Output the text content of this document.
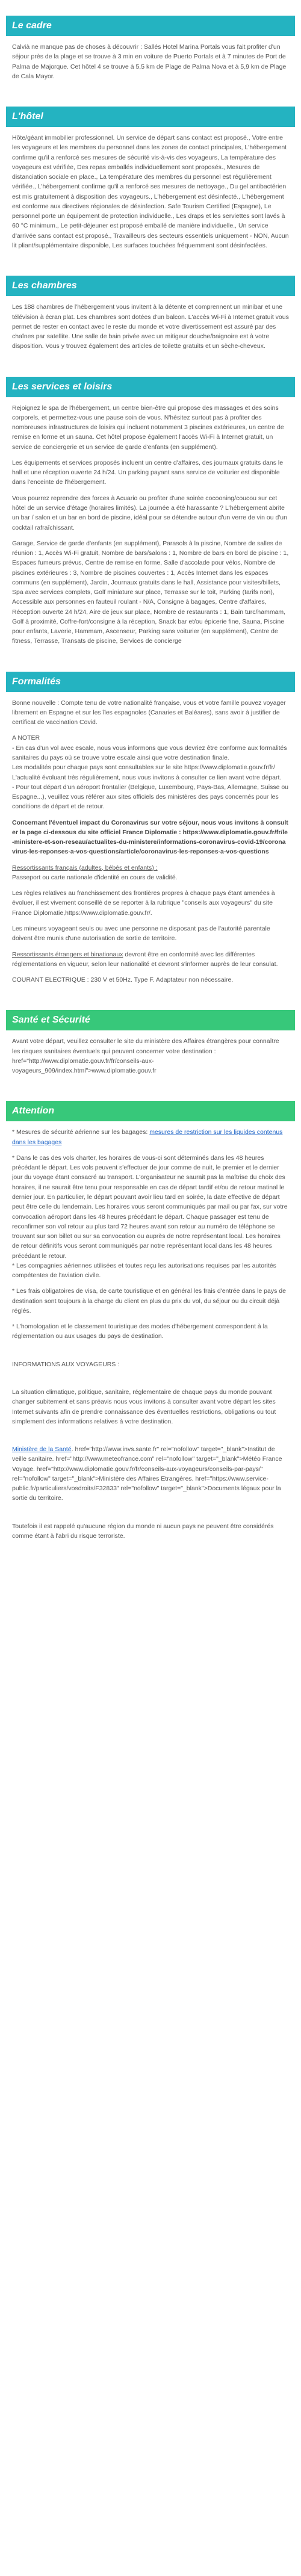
Le cadre

Calvià ne manque pas de choses à découvrir : Sallés Hotel Marina Portals vous fait profiter d'un séjour près de la plage et se trouve à 3 min en voiture de Puerto Portals et à 7 minutes de Port de Palma de Majorque. Cet hôtel 4 se trouve à 5,5 km de Plage de Palma Nova et à 5,9 km de Plage de Cala Mayor.

L'hôtel

Hôte/géant immobilier professionnel. Un service de départ sans contact est proposé., Votre entre les voyageurs et les membres du personnel dans les zones de contact principales, L'hébergement confirme qu'il a renforcé ses mesures de sécurité vis-à-vis des voyageurs, La température des voyageurs est vérifiée, Des repas emballés individuellement sont proposés., Mesures de distanciation sociale en place., La température des membres du personnel est régulièrement vérifiée., L'hébergement confirme qu'il a renforcé ses mesures de nettoyage., Du gel antibactérien est mis gratuitement à disposition des voyageurs., L'hébergement est désinfecté., L'hébergement est conforme aux directives régionales de désinfection. Safe Tourism Certified (Espagne), Le personnel porte un équipement de protection individuelle., Les draps et les serviettes sont lavés à 60 °C minimum., Le petit-déjeuner est proposé emballé de manière individuelle., Un service d'arrivée sans contact est proposé., Travailleurs des secteurs essentiels uniquement - NON, Aucun lit pliant/supplémentaire disponible, Les surfaces touchées fréquemment sont désinfectées.

Les chambres

Les 188 chambres de l'hébergement vous invitent à la détente et comprennent un minibar et une télévision à écran plat. Les chambres sont dotées d'un balcon. L'accès Wi-Fi à Internet gratuit vous permet de rester en contact avec le reste du monde et votre divertissement est assuré par des chaînes par satellite. Une salle de bain privée avec un mitigeur douche/baignoire est à votre disposition. Vous y trouvez également des articles de toilette gratuits et un sèche-cheveux.

Les services et loisirs

Rejoignez le spa de l'hébergement, un centre bien-être qui propose des massages et des soins corporels, et permettez-vous une pause soin de vous. N'hésitez surtout pas à profiter des nombreuses infrastructures de loisirs qui incluent notamment 3 piscines extérieures, un centre de remise en forme et un sauna. Cet hôtel propose également l'accès Wi-Fi à Internet gratuit, un service de conciergerie et un service de garde d'enfants (en supplément).

Les équipements et services proposés incluent un centre d'affaires, des journaux gratuits dans le hall et une réception ouverte 24 h/24. Un parking payant sans service de voiturier est disponible dans l'enceinte de l'hébergement.

Vous pourrez reprendre des forces à Acuario ou profiter d'une soirée cocooning/coucou sur cet hôtel de un service d'étage (horaires limités). La journée a été harassante ? L'hébergement abrite un bar / salon et un bar en bord de piscine, idéal pour se détendre autour d'un verre de vin ou d'un cocktail rafraîchissant.

Garage, Service de garde d'enfants (en supplément), Parasols à la piscine, Nombre de salles de réunion : 1, Accès Wi-Fi gratuit, Nombre de bars/salons : 1, Nombre de bars en bord de piscine : 1, Espaces fumeurs prévus, Centre de remise en forme, Salle d'accolade pour vélos, Nombre de piscines extérieures : 3, Nombre de piscines couvertes : 1, Accès Internet dans les espaces communs (en supplément), Jardin, Journaux gratuits dans le hall, Assistance pour visites/billets, Spa avec services complets, Golf miniature sur place, Terrasse sur le toit, Parking (tarifs non), Accessible aux personnes en fauteuil roulant - N/A, Consigne à bagages, Centre d'affaires, Réception ouverte 24 h/24, Aire de jeux sur place, Nombre de restaurants : 1, Bain turc/hammam, Golf à proximité, Coffre-fort/consigne à la réception, Snack bar et/ou épicerie fine, Sauna, Piscine pour enfants, Laverie, Hammam, Ascenseur, Parking sans voiturier (en supplément), Centre de fitness, Terrasse, Transats de piscine, Services de concierge

Formalités

Bonne nouvelle : Compte tenu de votre nationalité française, vous et votre famille pouvez voyager librement en Espagne et sur les îles espagnoles (Canaries et Baléares), sans avoir à justifier de certificat de vaccination Covid.

A NOTER
- En cas d'un vol avec escale, nous vous informons que vous devriez être conforme aux formalités sanitaires du pays où se trouve votre escale ainsi que votre destination finale.
Les modalités pour chaque pays sont consultables sur le site https://www.diplomatie.gouv.fr/fr/ L'actualité évoluant très régulièrement, nous vous invitons à consulter ce lien avant votre départ.
- Pour tout départ d'un aéroport frontalier (Belgique, Luxembourg, Pays-Bas, Allemagne, Suisse ou Espagne...), veuillez vous référer aux sites officiels des ministères des pays concernés pour les conditions de départ et de retour.

Concernant l'éventuel impact du Coronavirus sur votre séjour, nous vous invitons à consulter la page ci-dessous du site officiel France Diplomatie : https://www.diplomatie.gouv.fr/fr/le-ministere-et-son-reseau/actualites-du-ministere/informations-coronavirus-covid-19/coronavirus-les-reponses-a-vos-questions/article/coronavirus-les-reponses-a-vos-questions

Ressortissants français (adultes, bébés et enfants) :
Passeport ou carte nationale d'identité en cours de validité.

Les règles relatives au franchissement des frontières propres à chaque pays étant amenées à évoluer, il est vivement conseillé de se reporter à la rubrique "conseils aux voyageurs" du site France Diplomatie,https://www.diplomatie.gouv.fr/.

Les mineurs voyageant seuls ou avec une personne ne disposant pas de l'autorité parentale doivent être munis d'une autorisation de sortie de territoire.

Ressortissants étrangers et binationaux devront être en conformité avec les différentes réglementations en vigueur, selon leur nationalité et devront s'informer auprès de leur consulat.

COURANT ELECTRIQUE : 230 V et 50Hz. Type F. Adaptateur non nécessaire.

Santé et Sécurité

Avant votre départ, veuillez consulter le site du ministère des Affaires étrangères pour connaître les risques sanitaires éventuels qui peuvent concerner votre destination : href="http://www.diplomatie.gouv.fr/fr/conseils-aux-voyageurs_909/index.html">www.diplomatie.gouv.fr

Attention

* Mesures de sécurité aérienne sur les bagages: mesures de restriction sur les liquides contenus dans les bagages

* Dans le cas des vols charter, les horaires de vous-ci sont déterminés dans les 48 heures précédant le départ. Les vols peuvent s'effectuer de jour comme de nuit, le premier et le dernier jour du voyage étant consacré au transport. L'organisateur ne saurait pas la maîtrise du choix des horaires, il ne saurait être tenu pour responsable en cas de départ tardif et/ou de retour matinal le dernier jour. En particulier, le départ pouvant avoir lieu tard en soirée, la date effective de départ peut être celle du lendemain. Les horaires vous seront communiqués par mail ou par fax, sur votre convocation aéroport dans les 48 heures précédant le départ. Chaque passager est tenu de reconfirmer son vol retour au plus tard 72 heures avant son retour au numéro de téléphone se trouvant sur son billet ou sur sa convocation ou auprès de notre représentant local. Les horaires de retour définitifs vous seront communiqués par notre représentant local dans les 48 heures précédant le retour.
* Les compagnies aériennes utilisées et toutes reçu les autorisations requises par les autorités compétentes de l'aviation civile.

* Les frais obligatoires de visa, de carte touristique et en général les frais d'entrée dans le pays de destination sont toujours à la charge du client en plus du prix du vol, du séjour ou du circuit déjà réglés.

* L'homologation et le classement touristique des modes d'hébergement correspondent à la réglementation ou aux usages du pays de destination.

INFORMATIONS AUX VOYAGEURS :

La situation climatique, politique, sanitaire, réglementaire de chaque pays du monde pouvant changer subitement et sans préavis nous vous invitons à consulter avant votre départ les sites Internet suivants afin de prendre connaissance des éventuelles restrictions, obligations ou tout simplement des informations relatives à votre destination.

Ministère de la Santé. href="http://www.invs.sante.fr" rel="nofollow" target="_blank">Institut de veille sanitaire. href="http://www.meteofrance.com" rel="nofollow" target="_blank">Météo France Voyage. href="http://www.diplomatie.gouv.fr/fr/conseils-aux-voyageurs/conseils-par-pays/" rel="nofollow" target="_blank">Ministère des Affaires Etrangères. href="https://www.service-public.fr/particuliers/vosdroits/F32833" rel="nofollow" target="_blank">Documents légaux pour la sortie du territoire.

Toutefois il est rappelé qu'aucune région du monde ni aucun pays ne peuvent être considérés comme étant à l'abri du risque terroriste.
